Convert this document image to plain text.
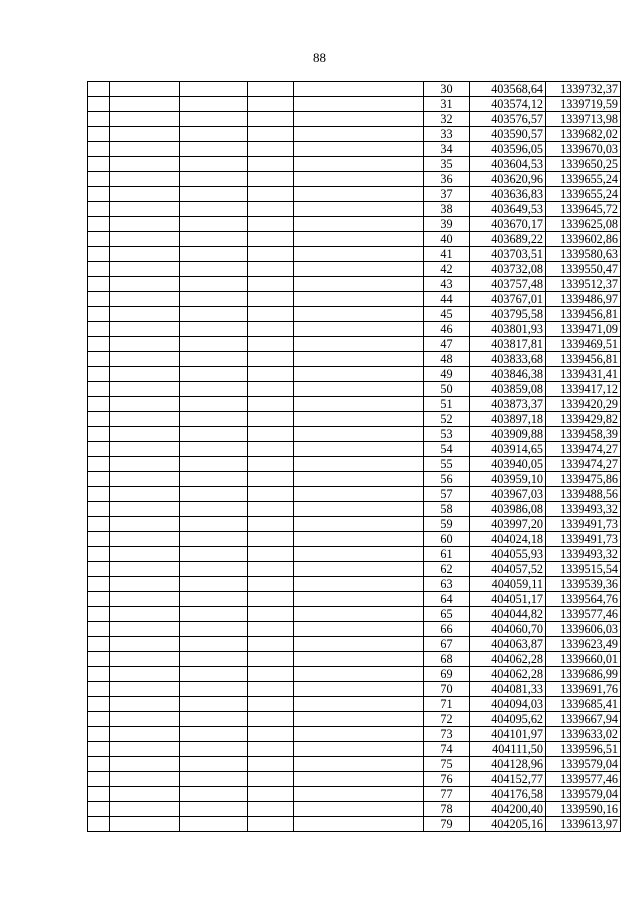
88
					30	403568,64	1339732,37
					31	403574,12	1339719,59
					32	403576,57	1339713,98
					33	403590,57	1339682,02
					34	403596,05	1339670,03
					35	403604,53	1339650,25
					36	403620,96	1339655,24
					37	403636,83	1339655,24
					38	403649,53	1339645,72
					39	403670,17	1339625,08
					40	403689,22	1339602,86
					41	403703,51	1339580,63
					42	403732,08	1339550,47
					43	403757,48	1339512,37
					44	403767,01	1339486,97
					45	403795,58	1339456,81
					46	403801,93	1339471,09
					47	403817,81	1339469,51
					48	403833,68	1339456,81
					49	403846,38	1339431,41
					50	403859,08	1339417,12
					51	403873,37	1339420,29
					52	403897,18	1339429,82
					53	403909,88	1339458,39
					54	403914,65	1339474,27
					55	403940,05	1339474,27
					56	403959,10	1339475,86
					57	403967,03	1339488,56
					58	403986,08	1339493,32
					59	403997,20	1339491,73
					60	404024,18	1339491,73
					61	404055,93	1339493,32
					62	404057,52	1339515,54
					63	404059,11	1339539,36
					64	404051,17	1339564,76
					65	404044,82	1339577,46
					66	404060,70	1339606,03
					67	404063,87	1339623,49
					68	404062,28	1339660,01
					69	404062,28	1339686,99
					70	404081,33	1339691,76
					71	404094,03	1339685,41
					72	404095,62	1339667,94
					73	404101,97	1339633,02
					74	404111,50	1339596,51
					75	404128,96	1339579,04
					76	404152,77	1339577,46
					77	404176,58	1339579,04
					78	404200,40	1339590,16
					79	404205,16	1339613,97
